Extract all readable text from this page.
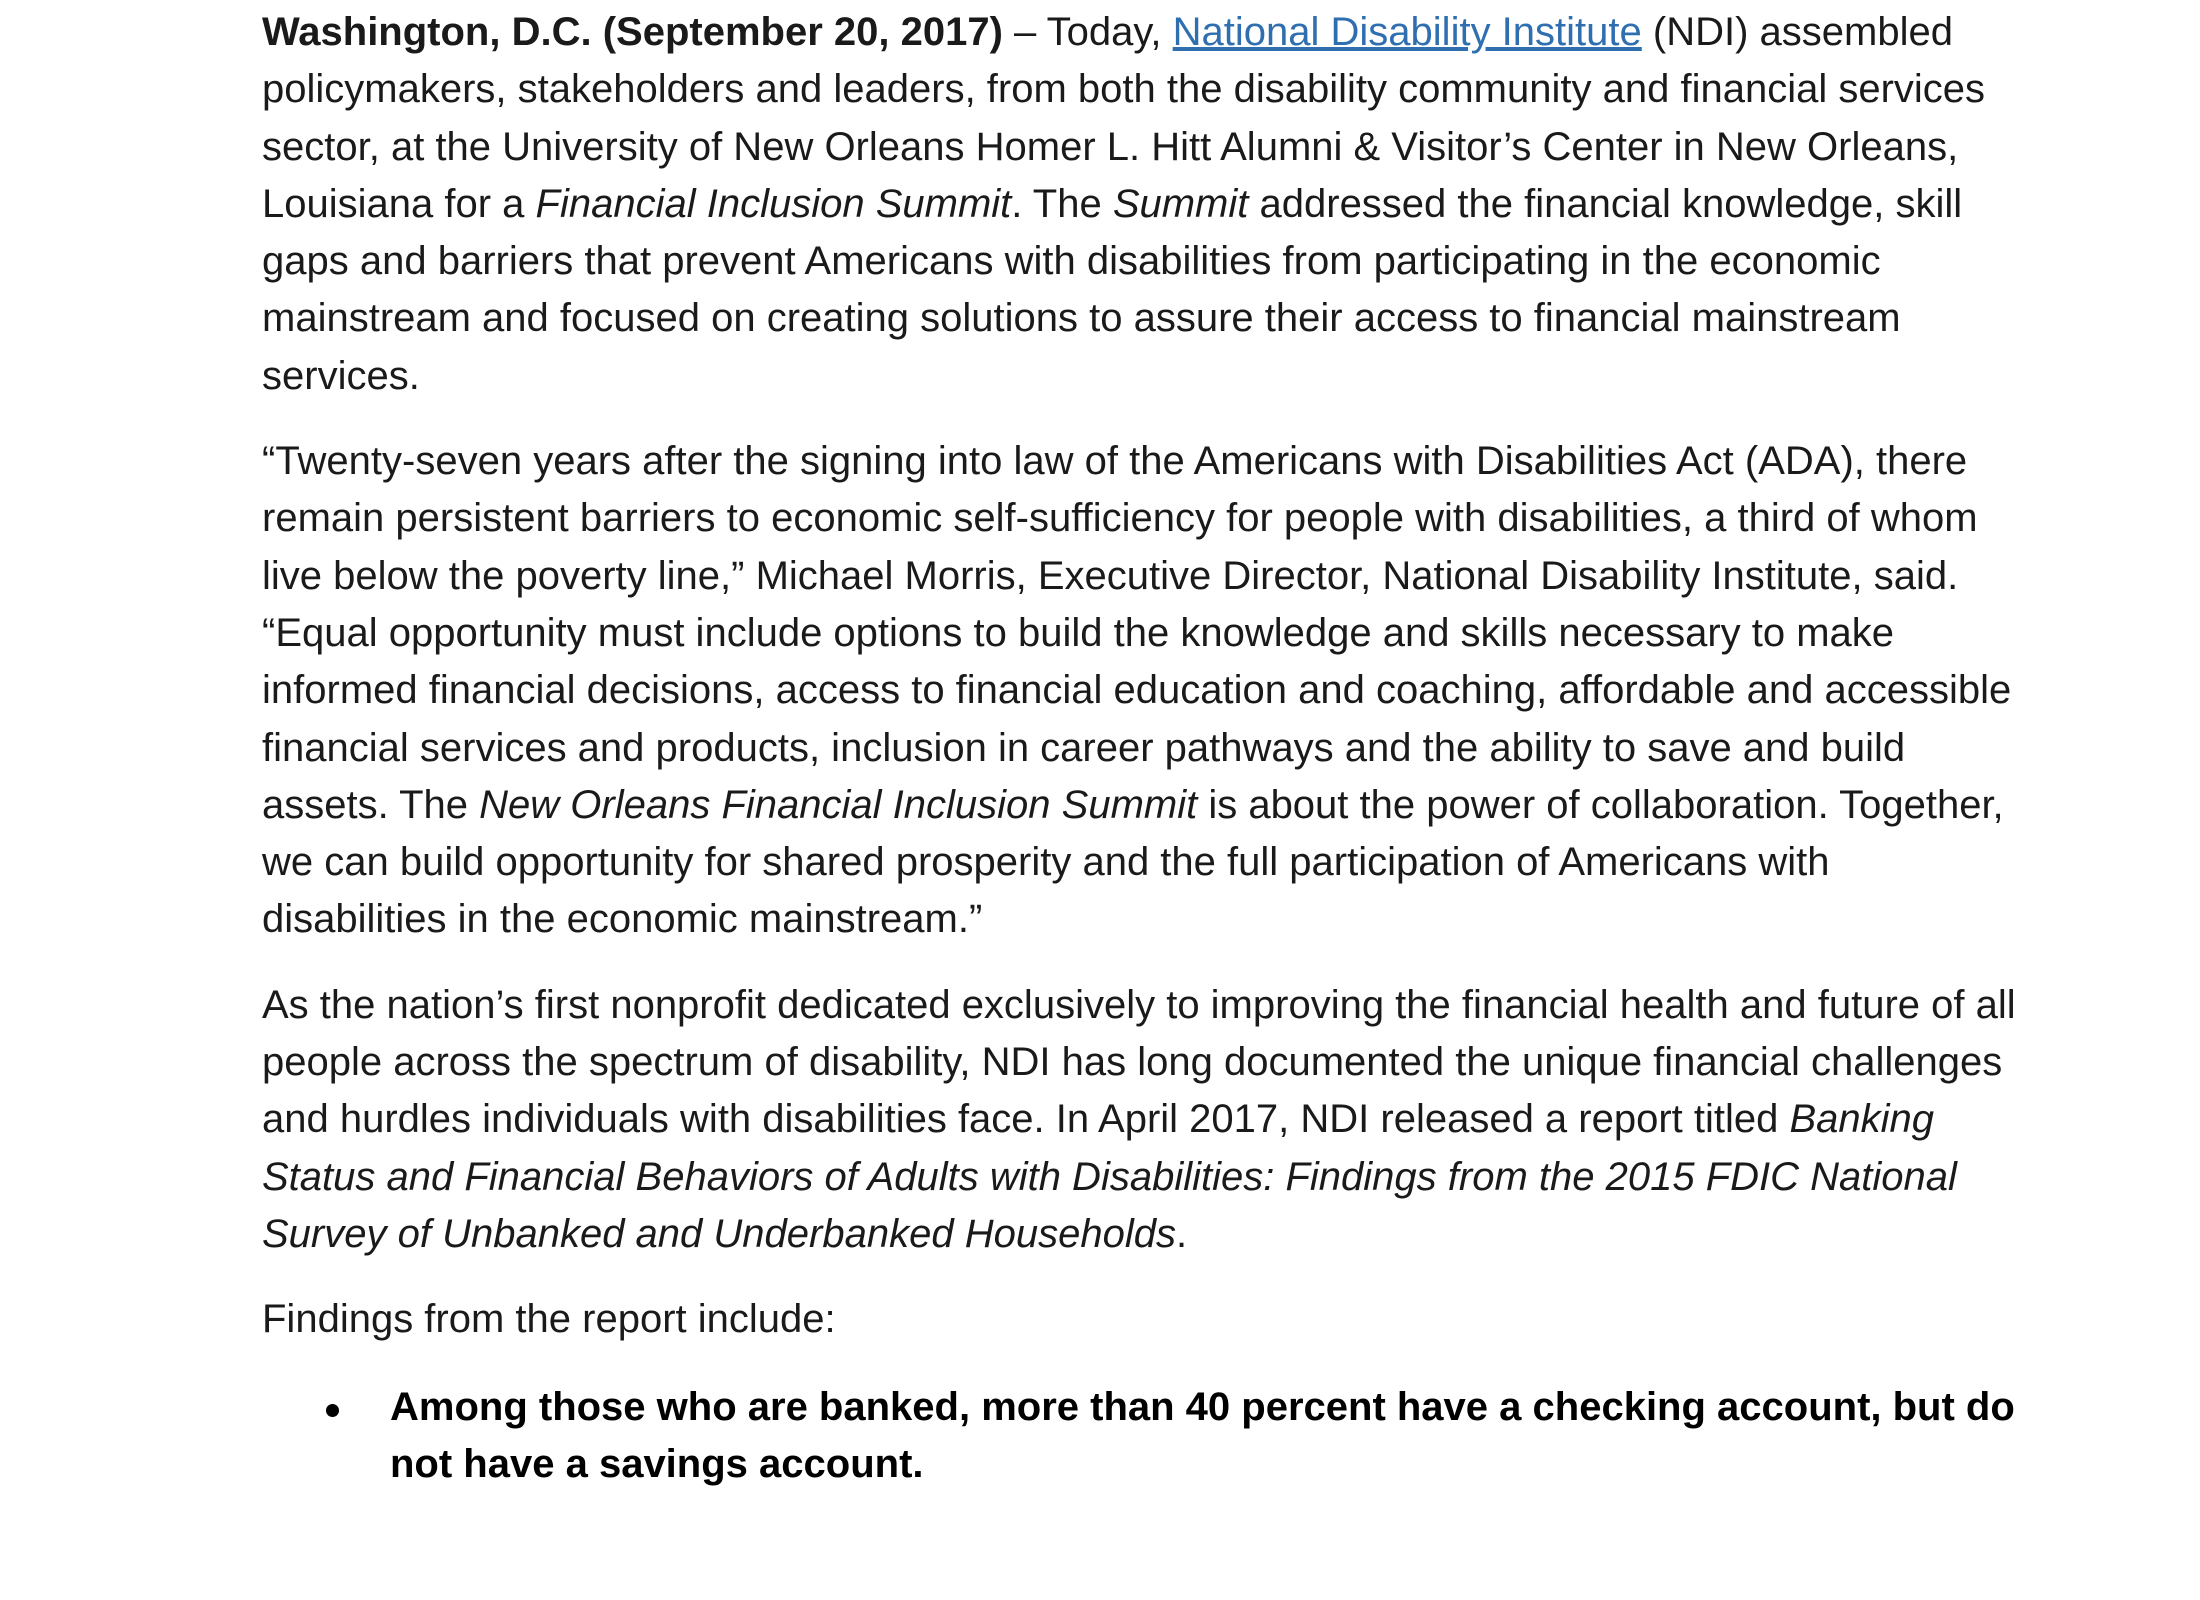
Washington, D.C. (September 20, 2017) – Today, National Disability Institute (NDI) assembled policymakers, stakeholders and leaders, from both the disability community and financial services sector, at the University of New Orleans Homer L. Hitt Alumni & Visitor’s Center in New Orleans, Louisiana for a Financial Inclusion Summit. The Summit addressed the financial knowledge, skill gaps and barriers that prevent Americans with disabilities from participating in the economic mainstream and focused on creating solutions to assure their access to financial mainstream services.

“Twenty-seven years after the signing into law of the Americans with Disabilities Act (ADA), there remain persistent barriers to economic self-sufficiency for people with disabilities, a third of whom live below the poverty line,” Michael Morris, Executive Director, National Disability Institute, said. “Equal opportunity must include options to build the knowledge and skills necessary to make informed financial decisions, access to financial education and coaching, affordable and accessible financial services and products, inclusion in career pathways and the ability to save and build assets. The New Orleans Financial Inclusion Summit is about the power of collaboration. Together, we can build opportunity for shared prosperity and the full participation of Americans with disabilities in the economic mainstream.”

As the nation’s first nonprofit dedicated exclusively to improving the financial health and future of all people across the spectrum of disability, NDI has long documented the unique financial challenges and hurdles individuals with disabilities face. In April 2017, NDI released a report titled Banking Status and Financial Behaviors of Adults with Disabilities: Findings from the 2015 FDIC National Survey of Unbanked and Underbanked Households.

Findings from the report include:

Among those who are banked, more than 40 percent have a checking account, but do not have a savings account.
